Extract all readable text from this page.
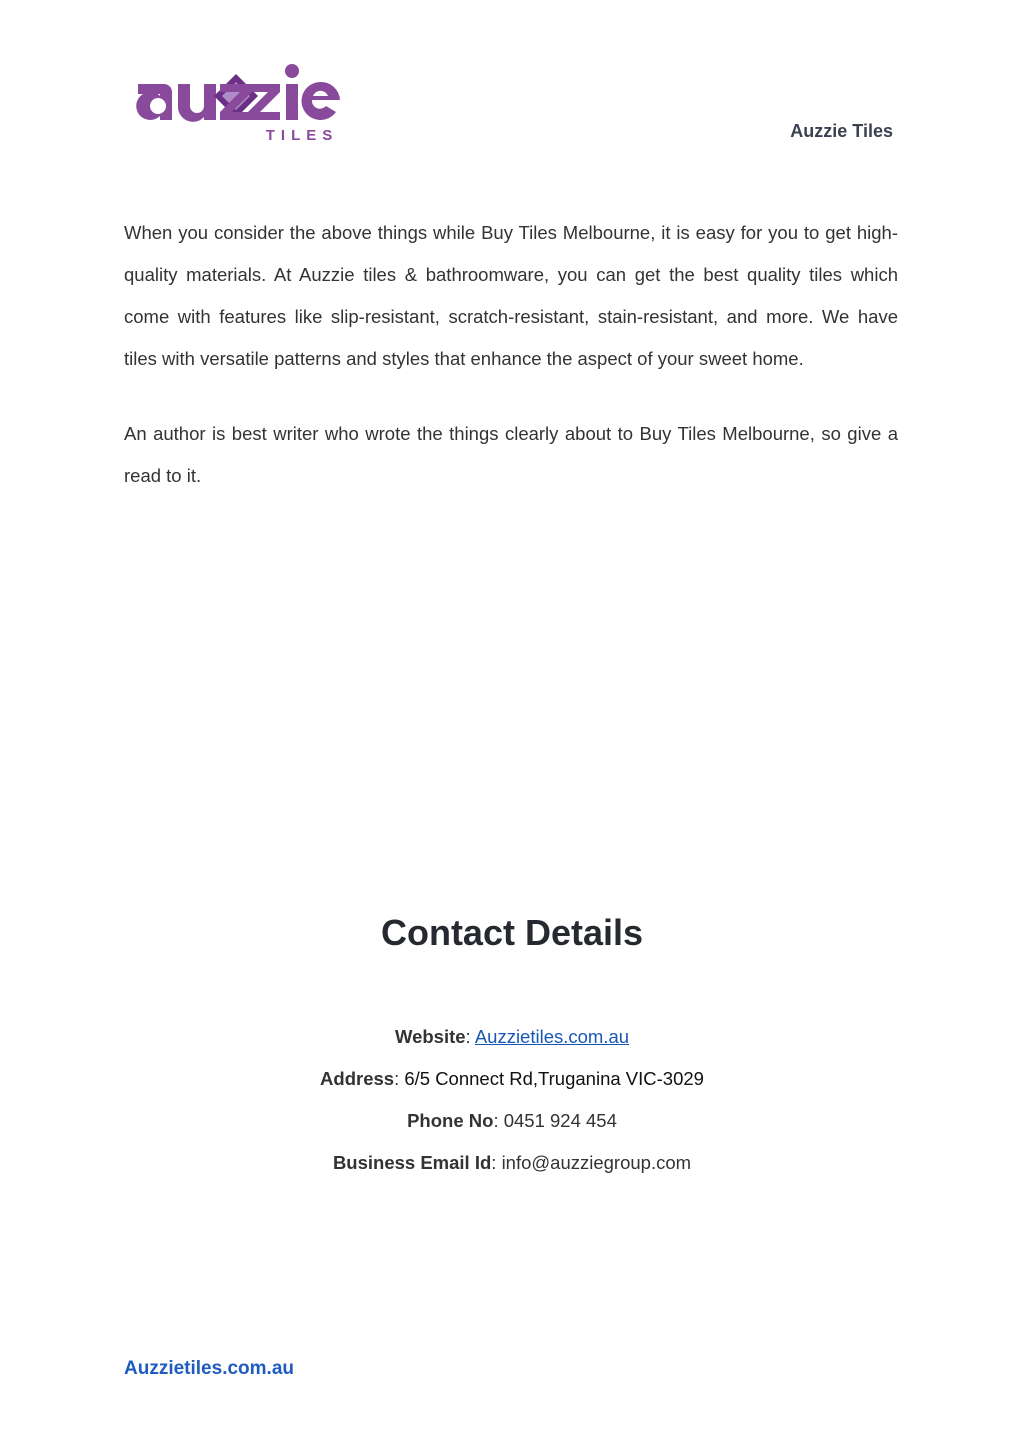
TILES	Auzzie Tiles

When you consider the above things while Buy Tiles Melbourne, it is easy for you to get high-quality materials. At Auzzie tiles & bathroomware, you can get the best quality tiles which come with features like slip-resistant, scratch-resistant, stain-resistant, and more. We have tiles with versatile patterns and styles that enhance the aspect of your sweet home.

An author is best writer who wrote the things clearly about to Buy Tiles Melbourne, so give a read to it.

Contact Details
Website: Auzzietiles.com.au
Address: 6/5 Connect Rd,Truganina VIC-3029
Phone No: 0451 924 454
Business Email Id: info@auzziegroup.com
Auzzietiles.com.au
